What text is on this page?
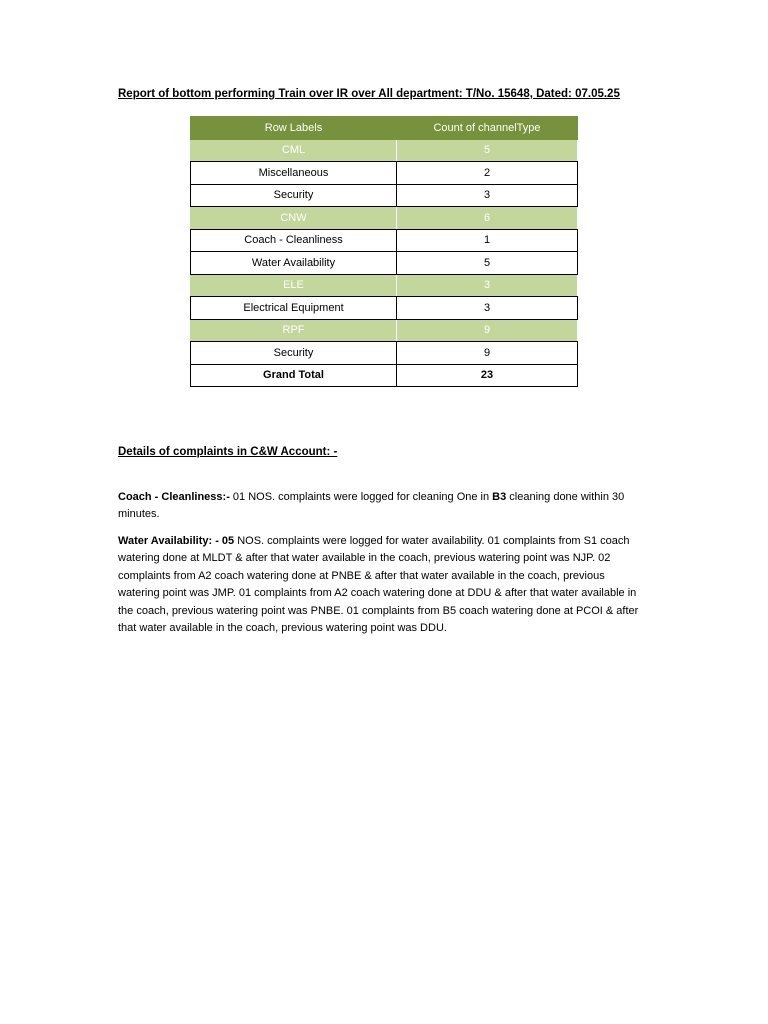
Report of bottom performing Train over IR over All department: T/No. 15648, Dated: 07.05.25
Row Labels	Count of channelType
CML	5
Miscellaneous	2
Security	3
CNW	6
Coach - Cleanliness	1
Water Availability	5
ELE	3
Electrical Equipment	3
RPF	9
Security	9
Grand Total	23
Details of complaints in C&W Account: -
Coach - Cleanliness:- 01 NOS. complaints were logged for cleaning One in B3 cleaning done within 30 minutes.
Water Availability: - 05 NOS. complaints were logged for water availability. 01 complaints from S1 coach watering done at MLDT & after that water available in the coach, previous watering point was NJP. 02 complaints from A2 coach watering done at PNBE & after that water available in the coach, previous watering point was JMP. 01 complaints from A2 coach watering done at DDU & after that water available in the coach, previous watering point was PNBE. 01 complaints from B5 coach watering done at PCOI & after that water available in the coach, previous watering point was DDU.
